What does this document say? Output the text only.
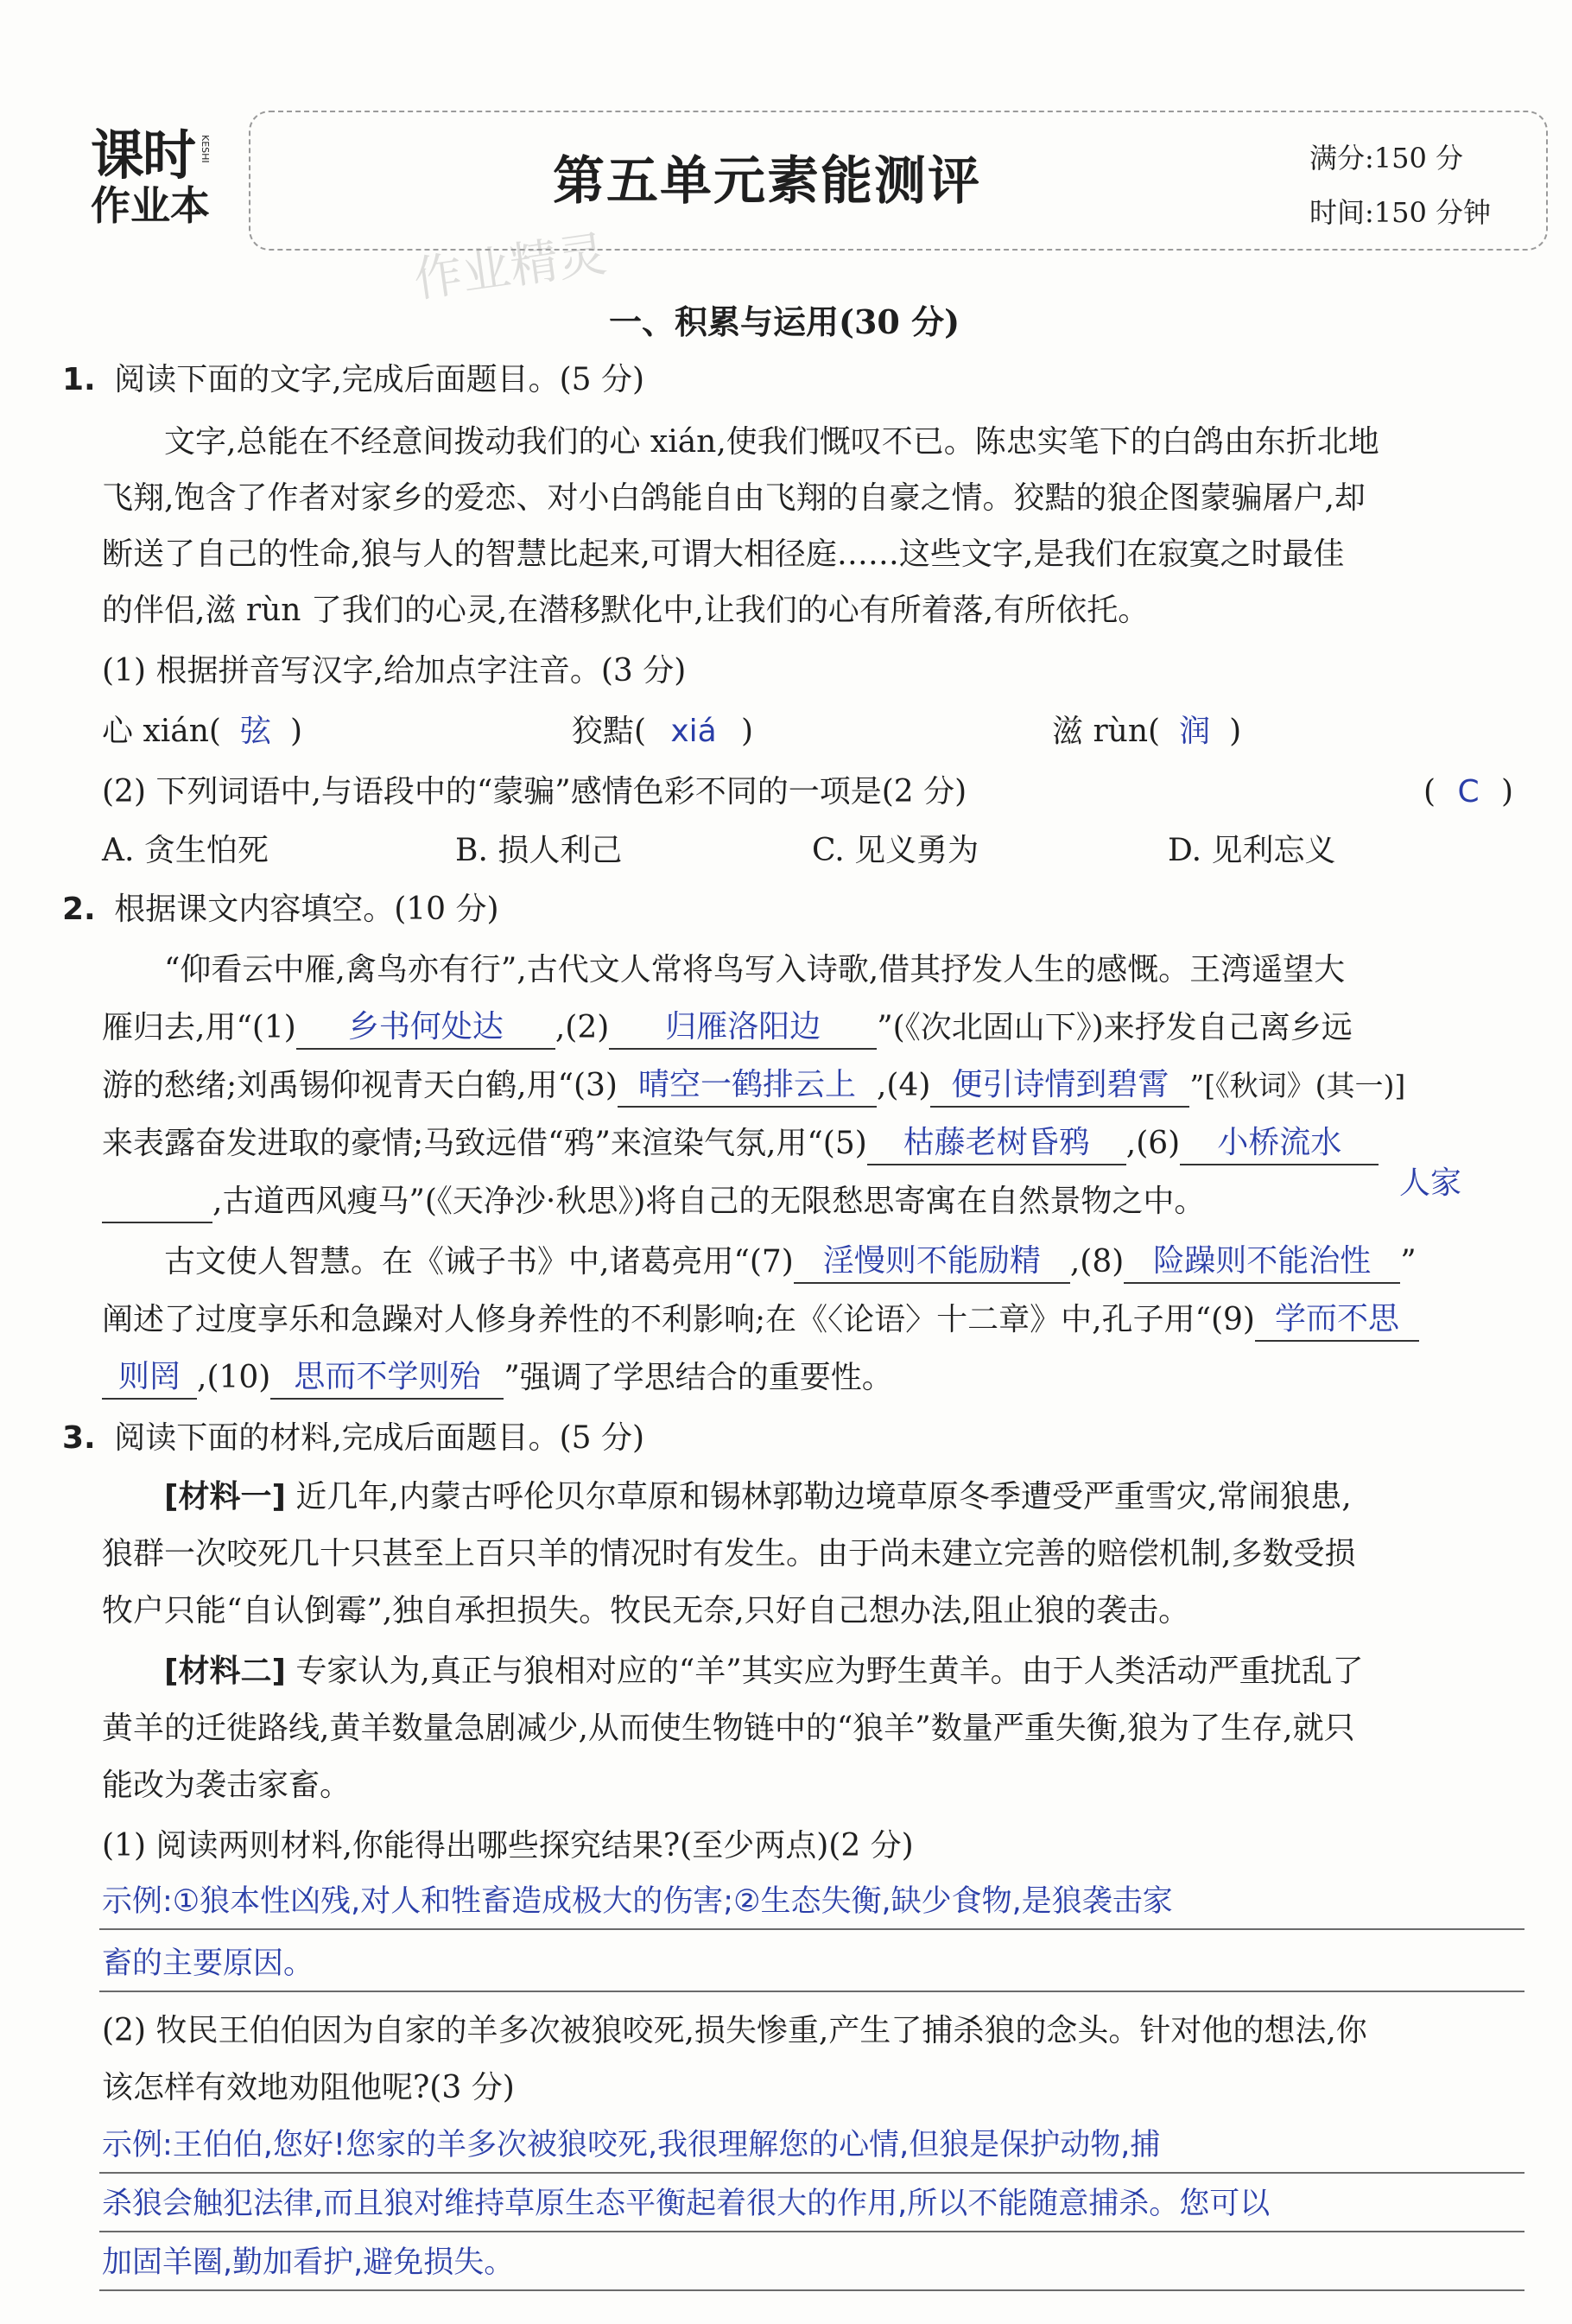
课时
作业本
KESHI
第五单元素能测评	满分:150 分
时间:150 分钟
作业精灵
一、积累与运用(30 分)
1. 阅读下面的文字,完成后面题目。(5 分)
文字,总能在不经意间拨动我们的心 xián,使我们慨叹不已。陈忠实笔下的白鸽由东折北地
飞翔,饱含了作者对家乡的爱恋、对小白鸽能自由飞翔的自豪之情。狡黠的狼企图蒙骗屠户,却
断送了自己的性命,狼与人的智慧比起来,可谓大相径庭……这些文字,是我们在寂寞之时最佳
的伴侣,滋 rùn 了我们的心灵,在潜移默化中,让我们的心有所着落,有所依托。
(1) 根据拼音写汉字,给加点字注音。(3 分)
心 xián( 弦 )	狡黠( xiá )	滋 rùn( 润 )
(2) 下列词语中,与语段中的“蒙骗”感情色彩不同的一项是(2 分)	( C )
A. 贪生怕死	B. 损人利己	C. 见义勇为	D. 见利忘义
2. 根据课文内容填空。(10 分)
“仰看云中雁,禽鸟亦有行”,古代文人常将鸟写入诗歌,借其抒发人生的感慨。王湾遥望大
雁归去,用“(1) 乡书何处达 ,(2) 归雁洛阳边 ”(《次北固山下》)来抒发自己离乡远
游的愁绪;刘禹锡仰视青天白鹤,用“(3) 晴空一鹤排云上 ,(4) 便引诗情到碧霄 ”[《秋词》(其一)]
来表露奋发进取的豪情;马致远借“鸦”来渲染气氛,用“(5) 枯藤老树昏鸦 ,(6) 小桥流水
人家
,古道西风瘦马”(《天净沙·秋思》)将自己的无限愁思寄寓在自然景物之中。
古文使人智慧。在《诫子书》中,诸葛亮用“(7) 淫慢则不能励精 ,(8) 险躁则不能治性 ”
阐述了过度享乐和急躁对人修身养性的不利影响;在《〈论语〉十二章》中,孔子用“(9) 学而不思
则罔 ,(10) 思而不学则殆 ”强调了学思结合的重要性。
3. 阅读下面的材料,完成后面题目。(5 分)
[材料一] 近几年,内蒙古呼伦贝尔草原和锡林郭勒边境草原冬季遭受严重雪灾,常闹狼患,
狼群一次咬死几十只甚至上百只羊的情况时有发生。由于尚未建立完善的赔偿机制,多数受损
牧户只能“自认倒霉”,独自承担损失。牧民无奈,只好自己想办法,阻止狼的袭击。
[材料二] 专家认为,真正与狼相对应的“羊”其实应为野生黄羊。由于人类活动严重扰乱了
黄羊的迁徙路线,黄羊数量急剧减少,从而使生物链中的“狼羊”数量严重失衡,狼为了生存,就只
能改为袭击家畜。
(1) 阅读两则材料,你能得出哪些探究结果?(至少两点)(2 分)
示例:①狼本性凶残,对人和牲畜造成极大的伤害;②生态失衡,缺少食物,是狼袭击家
畜的主要原因。
(2) 牧民王伯伯因为自家的羊多次被狼咬死,损失惨重,产生了捕杀狼的念头。针对他的想法,你
该怎样有效地劝阻他呢?(3 分)
示例:王伯伯,您好!您家的羊多次被狼咬死,我很理解您的心情,但狼是保护动物,捕
杀狼会触犯法律,而且狼对维持草原生态平衡起着很大的作用,所以不能随意捕杀。您可以
加固羊圈,勤加看护,避免损失。
